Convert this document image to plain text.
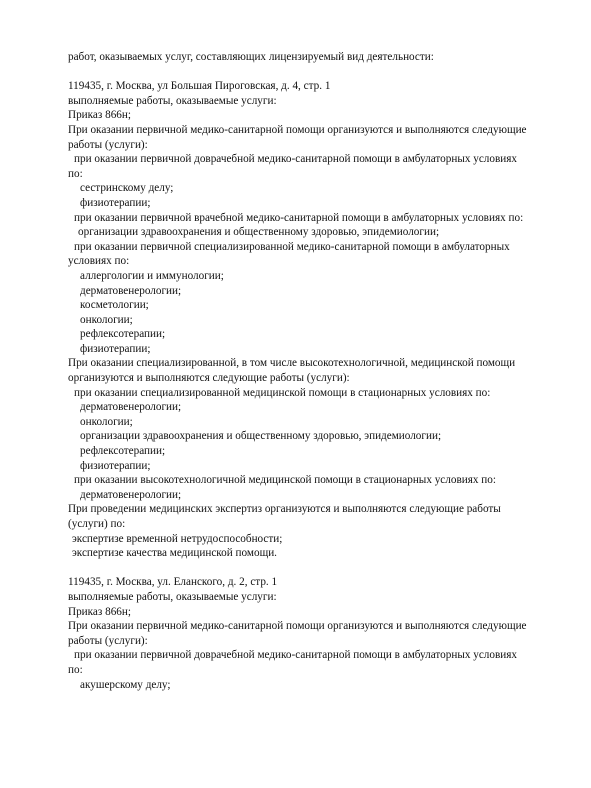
работ, оказываемых услуг, составляющих лицензируемый вид деятельности:
119435, г. Москва, ул Большая Пироговская, д. 4, стр. 1
выполняемые работы, оказываемые услуги:
Приказ 866н;
При оказании первичной медико-санитарной помощи организуются и выполняются следующие
работы (услуги):
при оказании первичной доврачебной медико-санитарной помощи в амбулаторных условиях
по:
сестринскому делу;
физиотерапии;
при оказании первичной врачебной медико-санитарной помощи в амбулаторных условиях по:
организации здравоохранения и общественному здоровью, эпидемиологии;
при оказании первичной специализированной медико-санитарной помощи в амбулаторных
условиях по:
аллергологии и иммунологии;
дерматовенерологии;
косметологии;
онкологии;
рефлексотерапии;
физиотерапии;
При оказании специализированной, в том числе высокотехнологичной, медицинской помощи
организуются и выполняются следующие работы (услуги):
при оказании специализированной медицинской помощи в стационарных условиях по:
дерматовенерологии;
онкологии;
организации здравоохранения и общественному здоровью, эпидемиологии;
рефлексотерапии;
физиотерапии;
при оказании высокотехнологичной медицинской помощи в стационарных условиях по:
дерматовенерологии;
При проведении медицинских экспертиз организуются и выполняются следующие работы
(услуги) по:
экспертизе временной нетрудоспособности;
экспертизе качества медицинской помощи.
119435, г. Москва, ул. Еланского, д. 2, стр. 1
выполняемые работы, оказываемые услуги:
Приказ 866н;
При оказании первичной медико-санитарной помощи организуются и выполняются следующие
работы (услуги):
при оказании первичной доврачебной медико-санитарной помощи в амбулаторных условиях
по:
акушерскому делу;
